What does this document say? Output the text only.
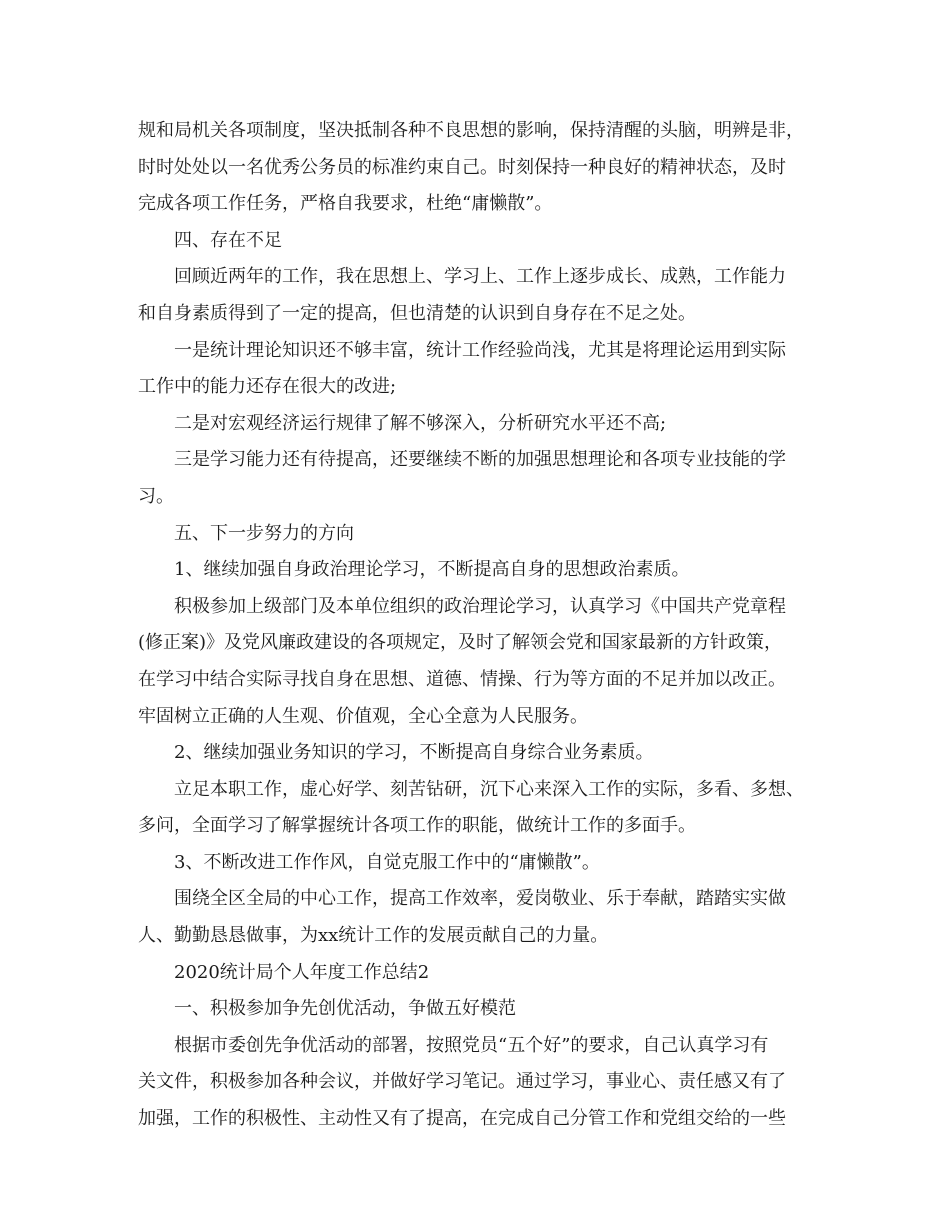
规和局机关各项制度，坚决抵制各种不良思想的影响，保持清醒的头脑，明辨是非，
时时处处以一名优秀公务员的标准约束自己。时刻保持一种良好的精神状态，及时
完成各项工作任务，严格自我要求，杜绝“庸懒散”。
四、存在不足
回顾近两年的工作，我在思想上、学习上、工作上逐步成长、成熟，工作能力
和自身素质得到了一定的提高，但也清楚的认识到自身存在不足之处。
一是统计理论知识还不够丰富，统计工作经验尚浅，尤其是将理论运用到实际
工作中的能力还存在很大的改进;
二是对宏观经济运行规律了解不够深入，分析研究水平还不高;
三是学习能力还有待提高，还要继续不断的加强思想理论和各项专业技能的学
习。
五、下一步努力的方向
1、继续加强自身政治理论学习，不断提高自身的思想政治素质。
积极参加上级部门及本单位组织的政治理论学习，认真学习《中国共产党章程
(修正案)》及党风廉政建设的各项规定，及时了解领会党和国家最新的方针政策，
在学习中结合实际寻找自身在思想、道德、情操、行为等方面的不足并加以改正。
牢固树立正确的人生观、价值观，全心全意为人民服务。
2、继续加强业务知识的学习，不断提高自身综合业务素质。
立足本职工作，虚心好学、刻苦钻研，沉下心来深入工作的实际，多看、多想、
多问，全面学习了解掌握统计各项工作的职能，做统计工作的多面手。
3、不断改进工作作风，自觉克服工作中的“庸懒散”。
围绕全区全局的中心工作，提高工作效率，爱岗敬业、乐于奉献，踏踏实实做
人、勤勤恳恳做事，为xx统计工作的发展贡献自己的力量。
2020统计局个人年度工作总结2
一、积极参加争先创优活动，争做五好模范
根据市委创先争优活动的部署，按照党员“五个好”的要求，自己认真学习有
关文件，积极参加各种会议，并做好学习笔记。通过学习，事业心、责任感又有了
加强，工作的积极性、主动性又有了提高，在完成自己分管工作和党组交给的一些
